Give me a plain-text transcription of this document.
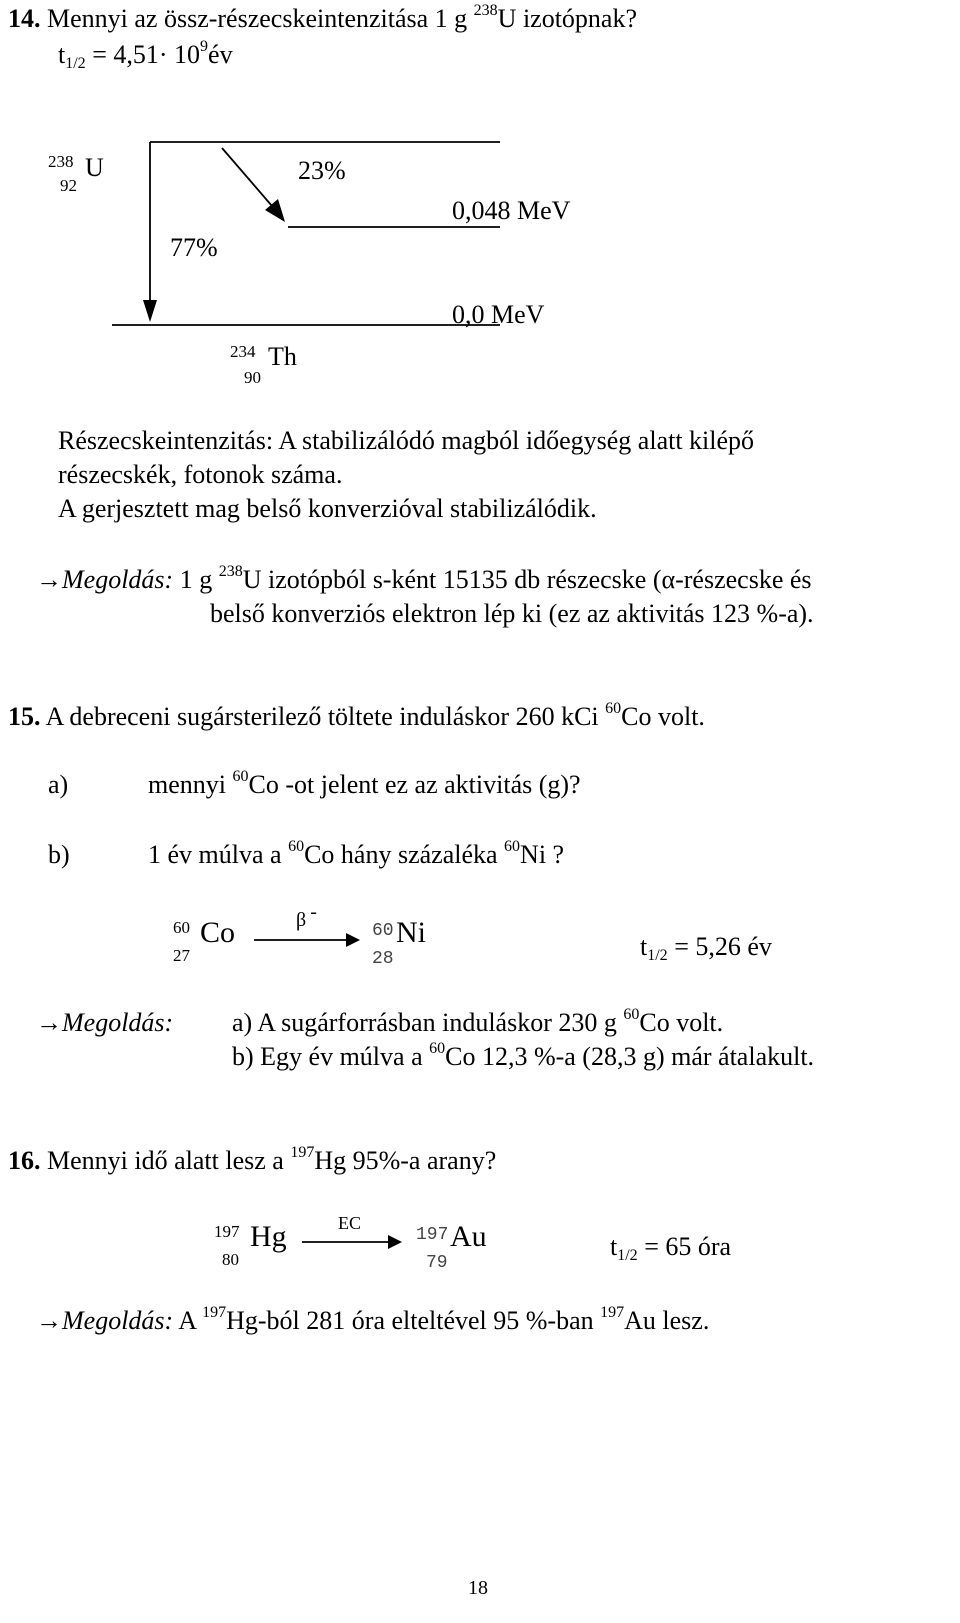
14. Mennyi az össz-részecskeintenzitása 1 g $^{238}$U izotópnak?
$t1/2 = 4,51\cdot 10^9év$
238
92
U	23%
0,048 MeV
77%
0,0 MeV
234
90
Th
Részecskeintenzitás: A stabilizálódó magból időegység alatt kilépő
részecskék, fotonok száma.
A gerjesztett mag belső konverzióval stabilizálódik.
→Megoldás: 1 g $^{238}$U izotópból s-ként 15135 db részecske (α-részecske és
belső konverziós elektron lép ki (ez az aktivitás 123 %-a).
15. A debreceni sugársterilező töltete induláskor 260 kCi $^{60}$Co volt.
a)	mennyi $^{60}$Co -ot jelent ez az aktivitás (g)?
b)	1 év múlva a $^{60}$Co hány százaléka $^{60}$Ni ?
60
27
Co	β -
60
28
Ni	t1/2 = 5,26 év
→Megoldás: a) A sugárforrásban induláskor 230 g $^{60}$Co volt.
b) Egy év múlva a $^{60}$Co 12,3 %-a (28,3 g) már átalakult.
16. Mennyi idő alatt lesz a $^{197}$Hg 95%-a arany?
197
80
Hg	EC
197
79
Au	t1/2 = 65 óra
→Megoldás: A $^{197}$Hg-ból 281 óra elteltével 95 %-ban $^{197}$Au lesz.
18
